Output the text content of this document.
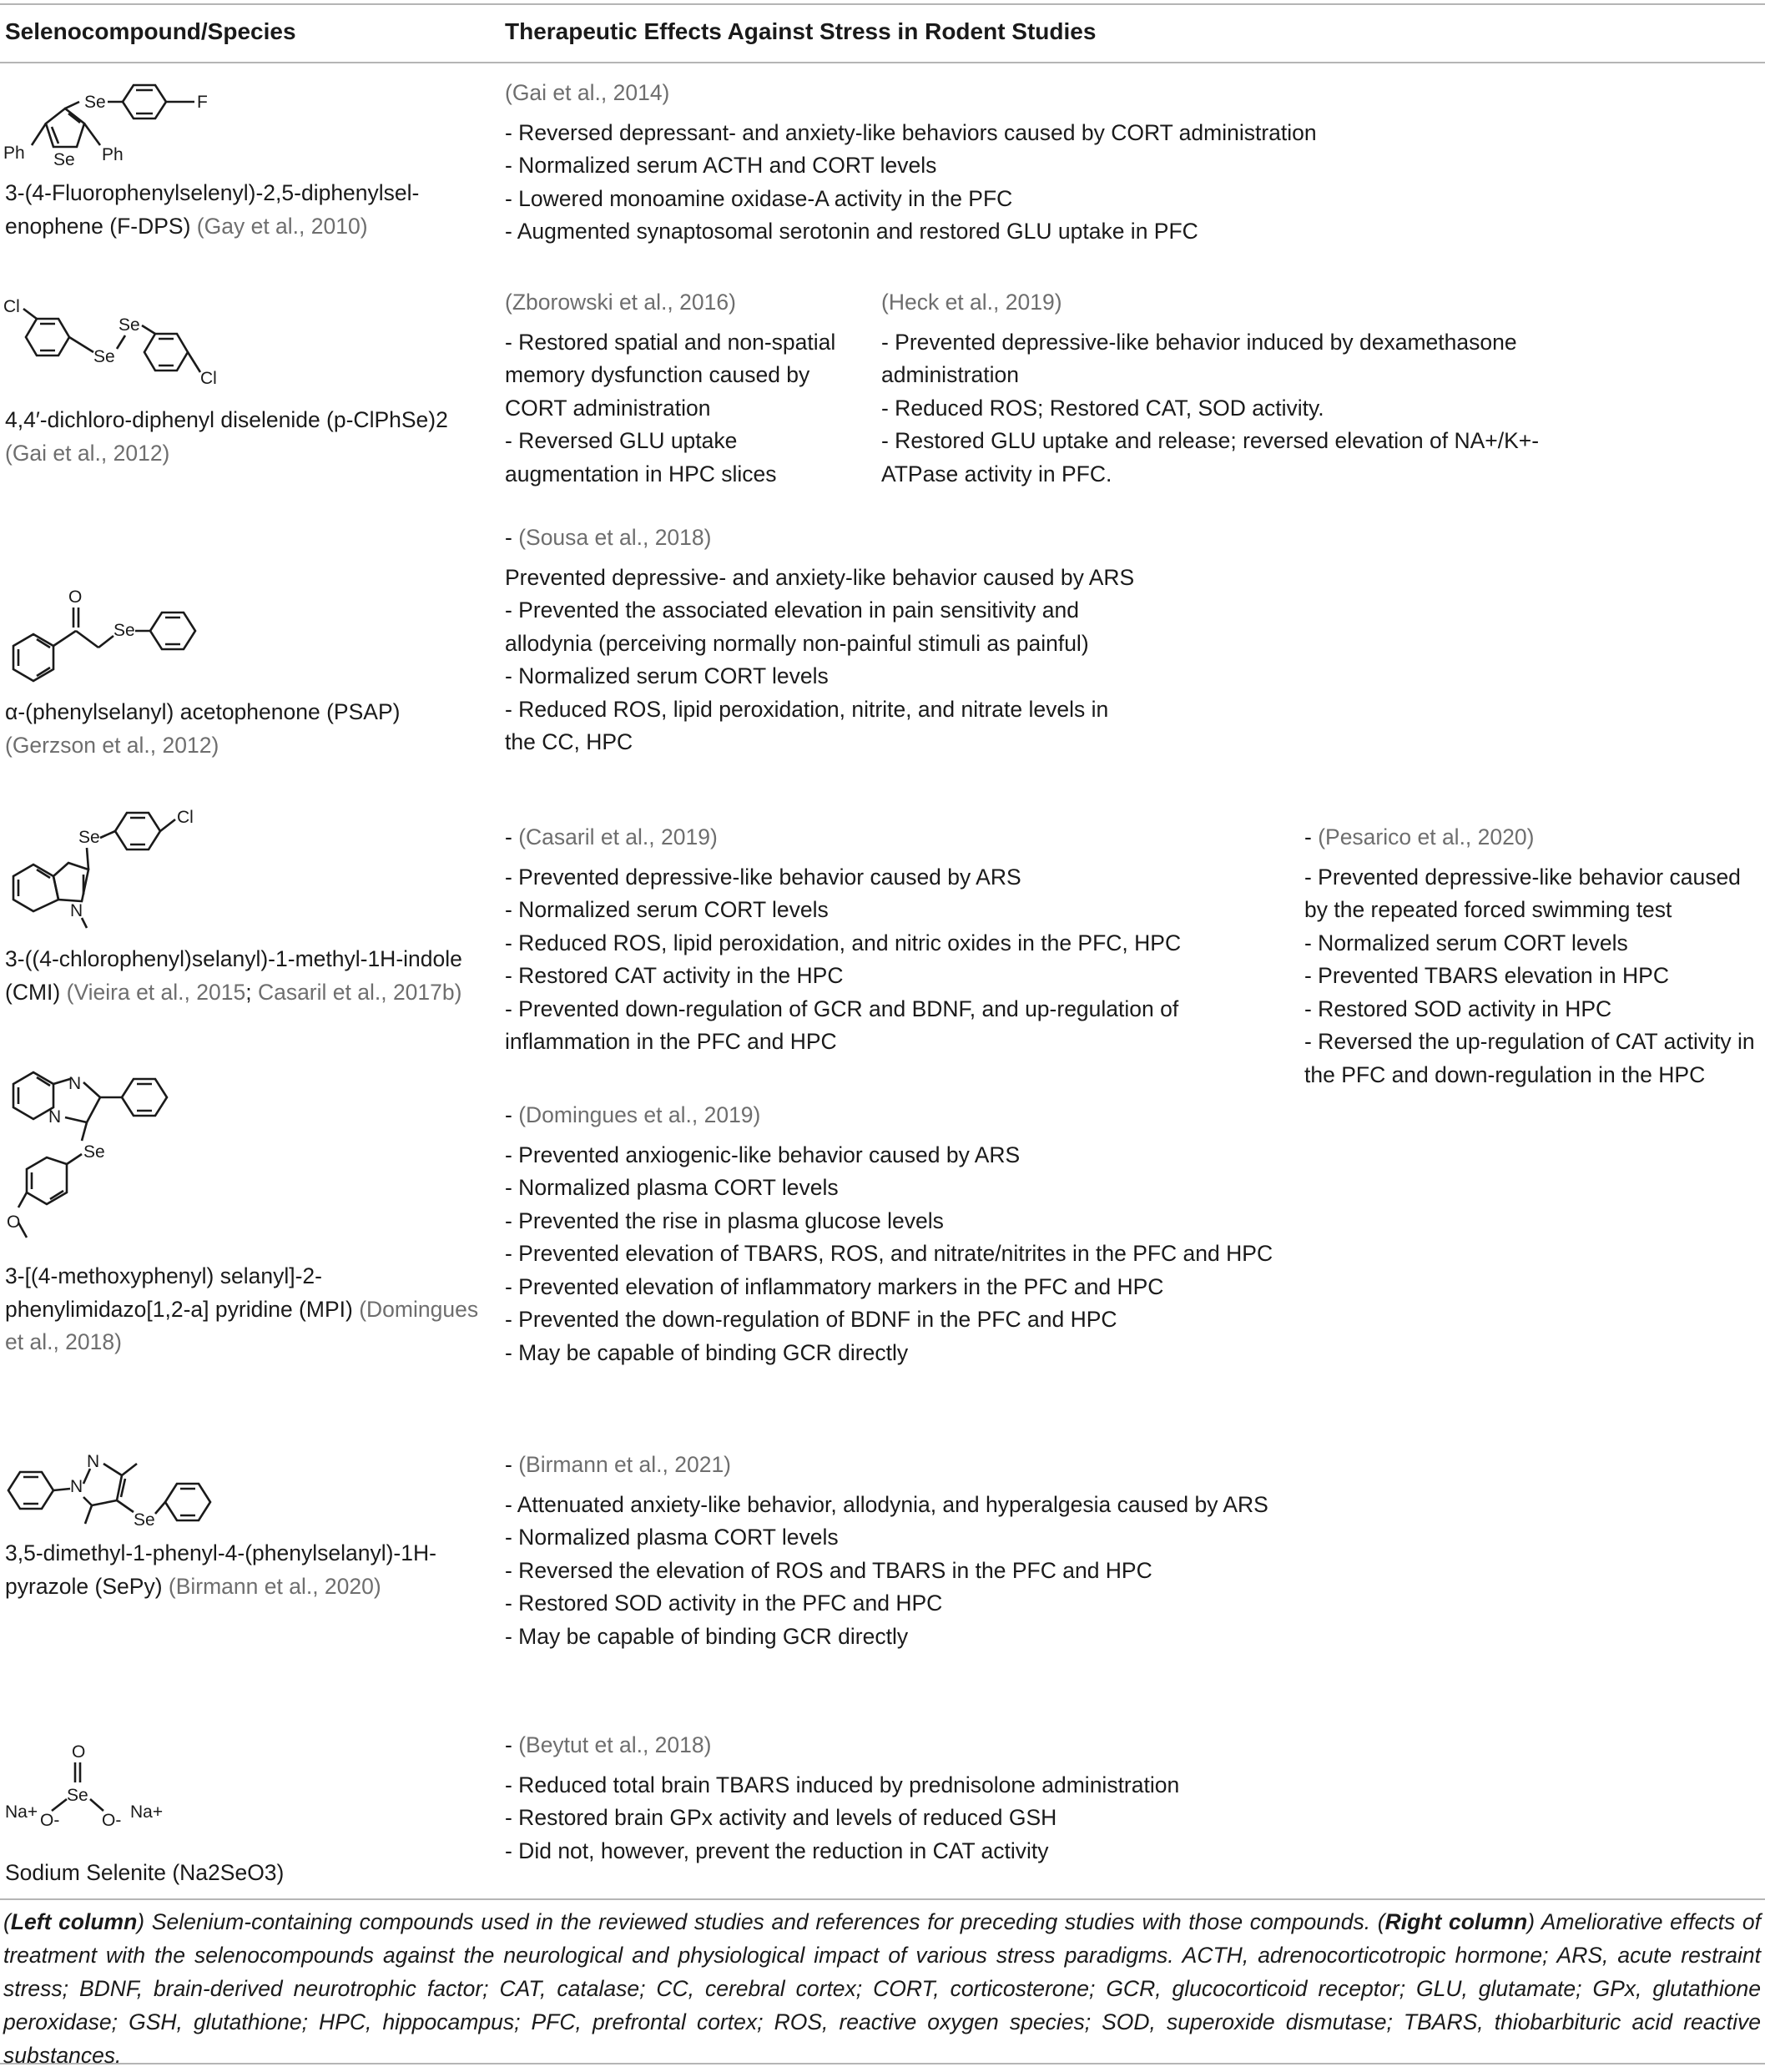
Selenocompound/Species	Therapeutic Effects Against Stress in Rodent Studies
Se	F
Ph Se Ph
3-(4-Fluorophenylselenyl)-2,5-diphenylsel-enophene (F-DPS) (Gay et al., 2010)
(Gai et al., 2014)
- Reversed depressant- and anxiety-like behaviors caused by CORT administration
- Normalized serum ACTH and CORT levels
- Lowered monoamine oxidase-A activity in the PFC
- Augmented synaptosomal serotonin and restored GLU uptake in PFC
Cl
Se
Se
Cl
4,4′-dichloro-diphenyl diselenide (p-ClPhSe)2
(Gai et al., 2012)
(Zborowski et al., 2016)
- Restored spatial and non-spatial memory dysfunction caused by CORT administration
- Reversed GLU uptake augmentation in HPC slices
(Heck et al., 2019)
- Prevented depressive-like behavior induced by dexamethasone administration
- Reduced ROS; Restored CAT, SOD activity.
- Restored GLU uptake and release; reversed elevation of NA+/K+-ATPase activity in PFC.
O
Se
α-(phenylselanyl) acetophenone (PSAP)
(Gerzson et al., 2012)
- (Sousa et al., 2018)
Prevented depressive- and anxiety-like behavior caused by ARS
- Prevented the associated elevation in pain sensitivity and allodynia (perceiving normally non-painful stimuli as painful)
- Normalized serum CORT levels
- Reduced ROS, lipid peroxidation, nitrite, and nitrate levels in the CC, HPC
Se
Cl
N
3-((4-chlorophenyl)selanyl)-1-methyl-1H-indole (CMI) (Vieira et al., 2015; Casaril et al., 2017b)
- (Casaril et al., 2019)
- Prevented depressive-like behavior caused by ARS
- Normalized serum CORT levels
- Reduced ROS, lipid peroxidation, and nitric oxides in the PFC, HPC
- Restored CAT activity in the HPC
- Prevented down-regulation of GCR and BDNF, and up-regulation of inflammation in the PFC and HPC
- (Pesarico et al., 2020)
- Prevented depressive-like behavior caused by the repeated forced swimming test
- Normalized serum CORT levels
- Prevented TBARS elevation in HPC
- Restored SOD activity in HPC
- Reversed the up-regulation of CAT activity in the PFC and down-regulation in the HPC
N
N
Se
O
3-[(4-methoxyphenyl) selanyl]-2-phenylimidazo[1,2-a] pyridine (MPI) (Domingues et al., 2018)
- (Domingues et al., 2019)
- Prevented anxiogenic-like behavior caused by ARS
- Normalized plasma CORT levels
- Prevented the rise in plasma glucose levels
- Prevented elevation of TBARS, ROS, and nitrate/nitrites in the PFC and HPC
- Prevented elevation of inflammatory markers in the PFC and HPC
- Prevented the down-regulation of BDNF in the PFC and HPC
- May be capable of binding GCR directly
N
N
Se
3,5-dimethyl-1-phenyl-4-(phenylselanyl)-1H-pyrazole (SePy) (Birmann et al., 2020)
- (Birmann et al., 2021)
- Attenuated anxiety-like behavior, allodynia, and hyperalgesia caused by ARS
- Normalized plasma CORT levels
- Reversed the elevation of ROS and TBARS in the PFC and HPC
- Restored SOD activity in the PFC and HPC
- May be capable of binding GCR directly
O
Se
Na+ O- O- Na+
Sodium Selenite (Na2SeO3)
- (Beytut et al., 2018)
- Reduced total brain TBARS induced by prednisolone administration
- Restored brain GPx activity and levels of reduced GSH
- Did not, however, prevent the reduction in CAT activity
(Left column) Selenium-containing compounds used in the reviewed studies and references for preceding studies with those compounds. (Right column) Ameliorative effects of treatment with the selenocompounds against the neurological and physiological impact of various stress paradigms. ACTH, adrenocorticotropic hormone; ARS, acute restraint stress; BDNF, brain-derived neurotrophic factor; CAT, catalase; CC, cerebral cortex; CORT, corticosterone; GCR, glucocorticoid receptor; GLU, glutamate; GPx, glutathione peroxidase; GSH, glutathione; HPC, hippocampus; PFC, prefrontal cortex; ROS, reactive oxygen species; SOD, superoxide dismutase; TBARS, thiobarbituric acid reactive substances.
